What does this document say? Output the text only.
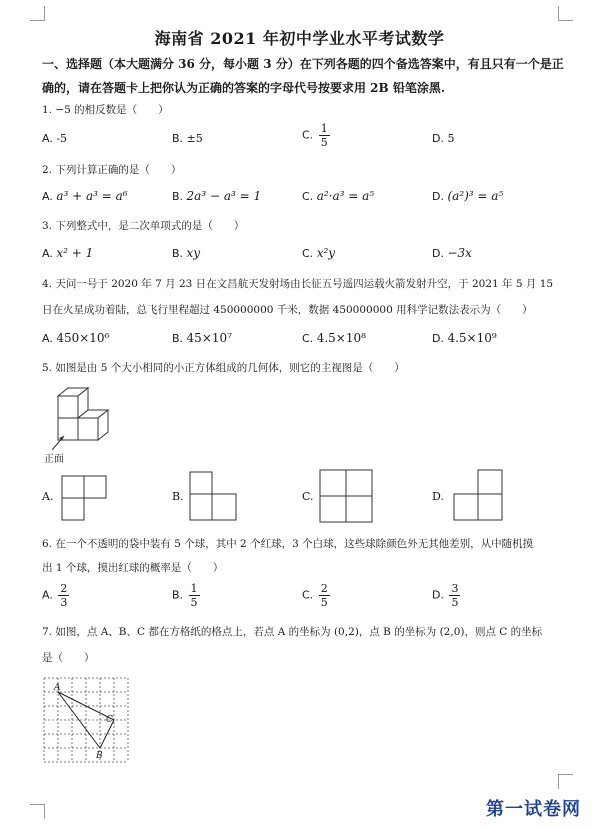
海南省 2021 年初中学业水平考试数学
一、选择题（本大题满分 36 分，每小题 3 分）在下列各题的四个备选答案中，有且只有一个是正确的，请在答题卡上把你认为正确的答案的字母代号按要求用 2B 铅笔涂黑.
1. −5 的相反数是（　　）
A. -5	B. ±5	C. $\frac{1}{5}$	D. 5
2. 下列计算正确的是（　　）
A. a³ + a³ = a⁶	B. 2a³ − a³ = 1	C. a²·a³ = a⁵	D. (a²)³ = a⁵
3. 下列整式中，是二次单项式的是（　　）
A. x² + 1	B. xy	C. x²y	D. −3x
4. 天问一号于 2020 年 7 月 23 日在文昌航天发射场由长征五号遥四运载火箭发射升空，于 2021 年 5 月 15
日在火星成功着陆，总飞行里程超过 450000000 千米，数据 450000000 用科学记数法表示为（　　）
A. 450×10⁶	B. 45×10⁷	C. 4.5×10⁸	D. 4.5×10⁹
5. 如图是由 5 个大小相同的小正方体组成的几何体，则它的主视图是（　　）
正面
A.	B.	C.	D.
6. 在一个不透明的袋中装有 5 个球，其中 2 个红球，3 个白球，这些球除颜色外无其他差别，从中随机摸
出 1 个球，摸出红球的概率是（　　）
A. $\frac{2}{3}$	B. $\frac{1}{5}$	C. $\frac{2}{5}$	D. $\frac{3}{5}$
7. 如图，点 A、B、C 都在方格纸的格点上，若点 A 的坐标为 (0,2)，点 B 的坐标为 (2,0)，则点 C 的坐标
是（　　）
A
C
B
第一试卷网
